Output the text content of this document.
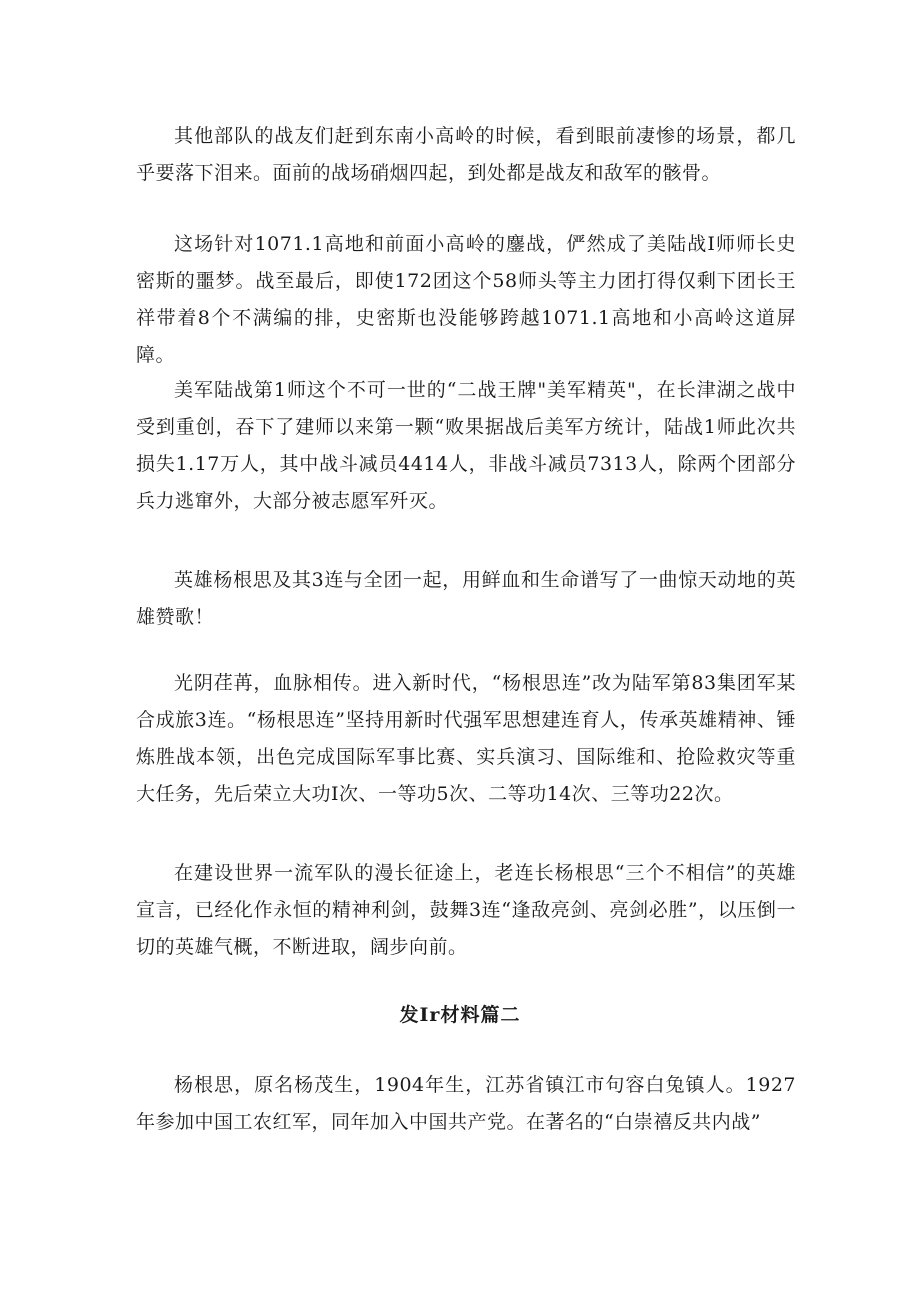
其他部队的战友们赶到东南小高岭的时候，看到眼前凄惨的场景，都几乎要落下泪来。面前的战场硝烟四起，到处都是战友和敌军的骸骨。

这场针对1071.1高地和前面小高岭的鏖战，俨然成了美陆战I师师长史密斯的噩梦。战至最后，即使172团这个58师头等主力团打得仅剩下团长王祥带着8个不满编的排，史密斯也没能够跨越1071.1高地和小高岭这道屏障。

美军陆战第1师这个不可一世的“二战王牌"美军精英"，在长津湖之战中受到重创，吞下了建师以来第一颗“败果据战后美军方统计，陆战1师此次共损失1.17万人，其中战斗减员4414人，非战斗减员7313人，除两个团部分兵力逃窜外，大部分被志愿军歼灭。

英雄杨根思及其3连与全团一起，用鲜血和生命谱写了一曲惊天动地的英雄赞歌！

光阴荏苒，血脉相传。进入新时代，“杨根思连”改为陆军第83集团军某合成旅3连。“杨根思连”坚持用新时代强军思想建连育人，传承英雄精神、锤炼胜战本领，出色完成国际军事比赛、实兵演习、国际维和、抢险救灾等重大任务，先后荣立大功I次、一等功5次、二等功14次、三等功22次。

在建设世界一流军队的漫长征途上，老连长杨根思“三个不相信”的英雄宣言，已经化作永恒的精神利剑，鼓舞3连“逢敌亮剑、亮剑必胜”，以压倒一切的英雄气概，不断进取，阔步向前。

发Ir材料篇二

杨根思，原名杨茂生，1904年生，江苏省镇江市句容白兔镇人。1927年参加中国工农红军，同年加入中国共产党。在著名的“白崇禧反共内战”
